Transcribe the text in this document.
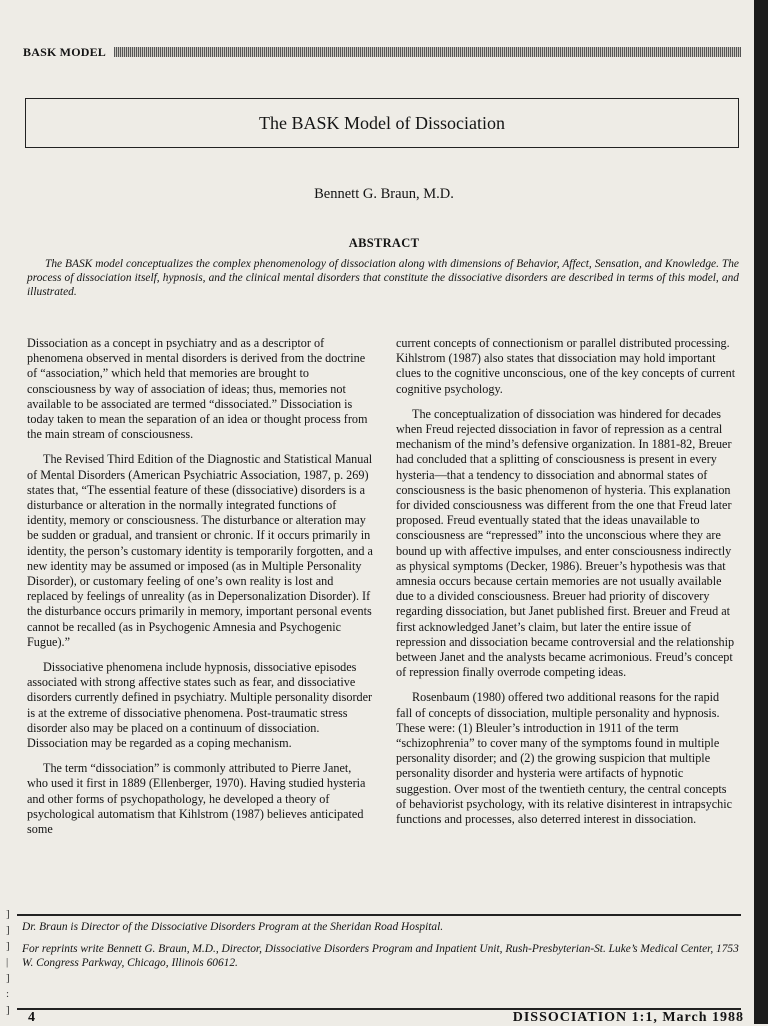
BASK MODEL
The BASK Model of Dissociation
Bennett G. Braun, M.D.
ABSTRACT

The BASK model conceptualizes the complex phenomenology of dissociation along with dimensions of Behavior, Affect, Sensation, and Knowledge. The process of dissociation itself, hypnosis, and the clinical mental disorders that constitute the dissociative disorders are described in terms of this model, and illustrated.

Dissociation as a concept in psychiatry and as a descriptor of phenomena observed in mental disorders is derived from the doctrine of “association,” which held that memories are brought to consciousness by way of association of ideas; thus, memories not available to be associated are termed “dissociated.” Dissociation is today taken to mean the separation of an idea or thought process from the main stream of consciousness.

The Revised Third Edition of the Diagnostic and Statistical Manual of Mental Disorders (American Psychiatric Association, 1987, p. 269) states that, “The essential feature of these (dissociative) disorders is a disturbance or alteration in the normally integrated functions of identity, memory or consciousness. The disturbance or alteration may be sudden or gradual, and transient or chronic. If it occurs primarily in identity, the person’s customary identity is temporarily forgotten, and a new identity may be assumed or imposed (as in Multiple Personality Disorder), or customary feeling of one’s own reality is lost and replaced by feelings of unreality (as in Depersonalization Disorder). If the disturbance occurs primarily in memory, important personal events cannot be recalled (as in Psychogenic Amnesia and Psychogenic Fugue).”

Dissociative phenomena include hypnosis, dissociative episodes associated with strong affective states such as fear, and dissociative disorders currently defined in psychiatry. Multiple personality disorder is at the extreme of dissociative phenomena. Post-traumatic stress disorder also may be placed on a continuum of dissociation. Dissociation may be regarded as a coping mechanism.

The term “dissociation” is commonly attributed to Pierre Janet, who used it first in 1889 (Ellenberger, 1970). Having studied hysteria and other forms of psychopathology, he developed a theory of psychological automatism that Kihlstrom (1987) believes anticipated some

current concepts of connectionism or parallel distributed processing. Kihlstrom (1987) also states that dissociation may hold important clues to the cognitive unconscious, one of the key concepts of current cognitive psychology.

The conceptualization of dissociation was hindered for decades when Freud rejected dissociation in favor of repression as a central mechanism of the mind’s defensive organization. In 1881-82, Breuer had concluded that a splitting of consciousness is present in every hysteria—that a tendency to dissociation and abnormal states of consciousness is the basic phenomenon of hysteria. This explanation for divided consciousness was different from the one that Freud later proposed. Freud eventually stated that the ideas unavailable to consciousness are “repressed” into the unconscious where they are bound up with affective impulses, and enter consciousness indirectly as physical symptoms (Decker, 1986). Breuer’s hypothesis was that amnesia occurs because certain memories are not usually available due to a divided consciousness. Breuer had priority of discovery regarding dissociation, but Janet published first. Breuer and Freud at first acknowledged Janet’s claim, but later the entire issue of repression and dissociation became controversial and the relationship between Janet and the analysts became acrimonious. Freud’s concept of repression finally overrode competing ideas.

Rosenbaum (1980) offered two additional reasons for the rapid fall of concepts of dissociation, multiple personality and hypnosis. These were: (1) Bleuler’s introduction in 1911 of the term “schizophrenia” to cover many of the symptoms found in multiple personality disorder; and (2) the growing suspicion that multiple personality disorder and hysteria were artifacts of hypnotic suggestion. Over most of the twentieth century, the central concepts of behaviorist psychology, with its relative disinterest in intrapsychic functions and processes, also deterred interest in dissociation.

]
]
]
|
]
:
]

Dr. Braun is Director of the Dissociative Disorders Program at the Sheridan Road Hospital.

For reprints write Bennett G. Braun, M.D., Director, Dissociative Disorders Program and Inpatient Unit, Rush-Presbyterian-St. Luke’s Medical Center, 1753 W. Congress Parkway, Chicago, Illinois 60612.

4	DISSOCIATION 1:1, March 1988
